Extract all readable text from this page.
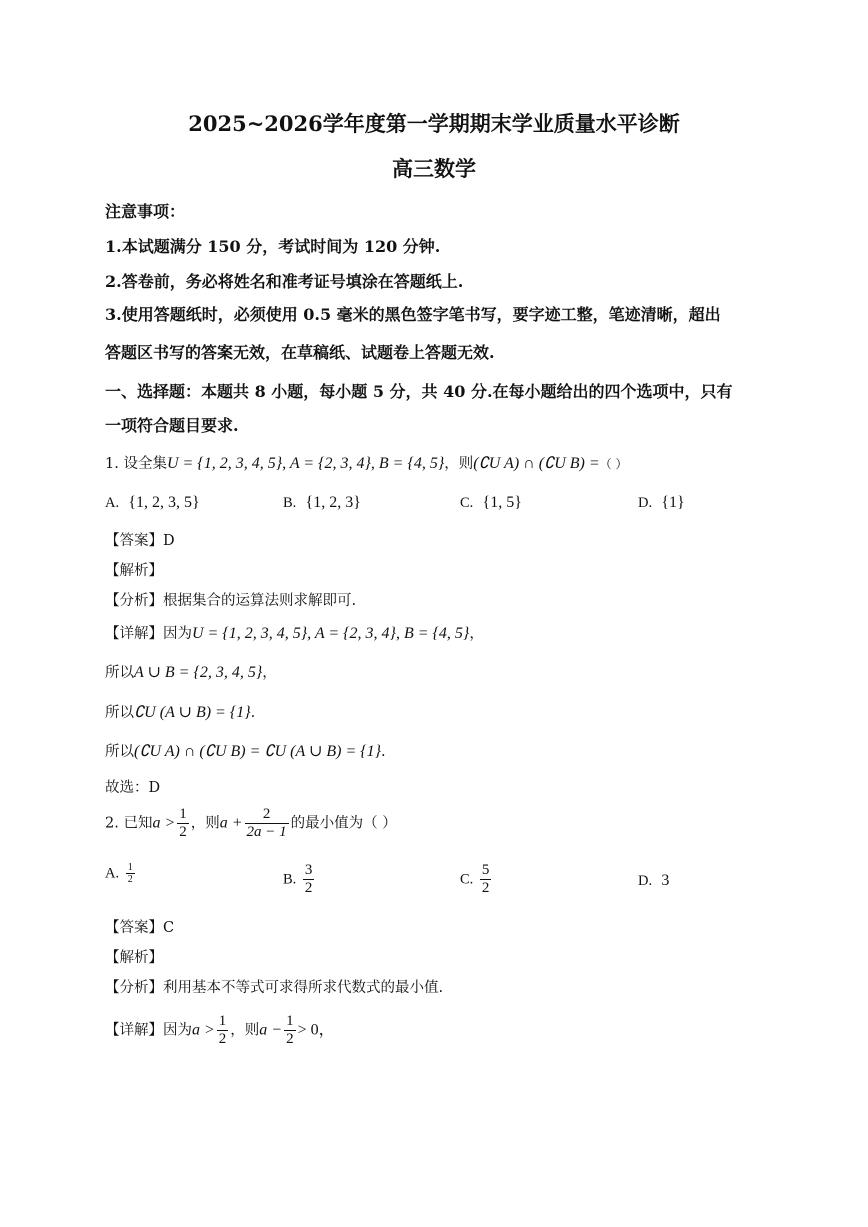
2025~2026学年度第一学期期末学业质量水平诊断
高三数学
注意事项：
1.本试题满分 150 分，考试时间为 120 分钟.
2.答卷前，务必将姓名和准考证号填涂在答题纸上.
3.使用答题纸时，必须使用 0.5 毫米的黑色签字笔书写，要字迹工整，笔迹清晰，超出
答题区书写的答案无效，在草稿纸、试题卷上答题无效.
一、选择题：本题共 8 小题，每小题 5 分，共 40 分.在每小题给出的四个选项中，只有
一项符合题目要求.
1. 设全集U = {1, 2, 3, 4, 5}, A = {2, 3, 4}, B = {4, 5}，则(∁U A) ∩ (∁U B) =（ ）
A. {1, 2, 3, 5}	B. {1, 2, 3}	C. {1, 5}	D. {1}
【答案】D
【解析】
【分析】根据集合的运算法则求解即可.
【详解】因为U = {1, 2, 3, 4, 5}, A = {2, 3, 4}, B = {4, 5}，
所以A ∪ B = {2, 3, 4, 5}，
所以∁U (A ∪ B) = {1}.
所以(∁U A) ∩ (∁U B) = ∁U (A ∪ B) = {1}.
故选：D
2. 已知$a > \frac{1}{2}$ ，则$a + \frac{2}{2a - 1}$ 的最小值为（ ）
A. $\frac{1}{2}$	B. $\frac{3}{2}$	C. $\frac{5}{2}$	D. 3
【答案】C
【解析】
【分析】利用基本不等式可求得所求代数式的最小值.
【详解】因为$a > \frac{1}{2}$ ，则$a - \frac{1}{2} > 0$，
